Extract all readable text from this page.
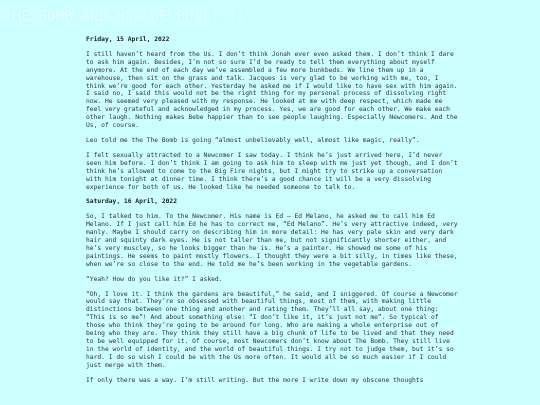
THE BOMB AND HOW WE BUILT IT
Friday, 15 April, 2022

I still haven’t heard from the Us. I don’t think Jonah ever even asked them. I don’t think I dare to ask him again. Besides, I’m not so sure I’d be ready to tell them everything about myself anymore. At the end of each day we’ve assembled a few more bunkbeds. We line them up in a warehouse, then sit on the grass and talk. Jacques is very glad to be working with me, too, I think we’re good for each other. Yesterday he asked me if I would like to have sex with him again. I said no, I said this would not be the right thing for my personal process of dissolving right now. He seemed very pleased with my response. He looked at me with deep respect, which made me feel very grateful and acknowledged in my process. Yes, we are good for each other. We make each other laugh. Nothing makes Bebe happier than to see people laughing. Especially Newcomers. And the Us, of course.

Leo told me the The Bomb is going “almost unbelievably well, almost like magic, really”.

I felt sexually attracted to a Newcomer I saw today. I think he’s just arrived here, I’d never seen him before. I don’t think I am going to ask him to sleep with me just yet though, and I don’t think he’s allowed to come to the Big Fire nights, but I might try to strike up a conversation with him tonight at dinner time. I think there’s a good chance it will be a very dissolving experience for both of us. He looked like he needed someone to talk to.

Saturday, 16 April, 2022

So, I talked to him. To the Newcomer. His name is Ed – Ed Melano, he asked me to call him Ed Melano. If I just call him Ed he has to correct me, “Ed Melano”. He’s very attractive indeed, very manly. Maybe I should carry on describing him in more detail: He has very pale skin and very dark hair and squinty dark eyes. He is not taller than me, but not significantly shorter either, and he’s very muscley, so he looks bigger than he is. He’s a painter. He showed me some of his paintings. He seems to paint mostly flowers. I thought they were a bit silly, in times like these, when we’re so close to the end. He told me he’s been working in the vegetable gardens.

“Yeah? How do you like it?” I asked.

“Oh, I love it. I think the gardens are beautiful,” he said, and I sniggered. Of course a Newcomer would say that. They’re so obsessed with beautiful things, most of them, with making little distinctions between one thing and another and rating them. They’ll all say, about one thing: “This is so me”! And about something else: “I don’t like it, it’s just not me”. So typical of those who think they’re going to be around for long. Who are making a whole enterprise out of being who they are. They think they still have a big chunk of life to be lived and that they need to be well equipped for it. Of course, most Newcomers don’t know about The Bomb. They still live in the world of identity, and the world of beautiful things. I try not to judge them, but it’s so hard. I do so wish I could be with the Us more often. It would all be so much easier if I could just merge with them.

If only there was a way. I’m still writing. But the more I write down my obscene thoughts
